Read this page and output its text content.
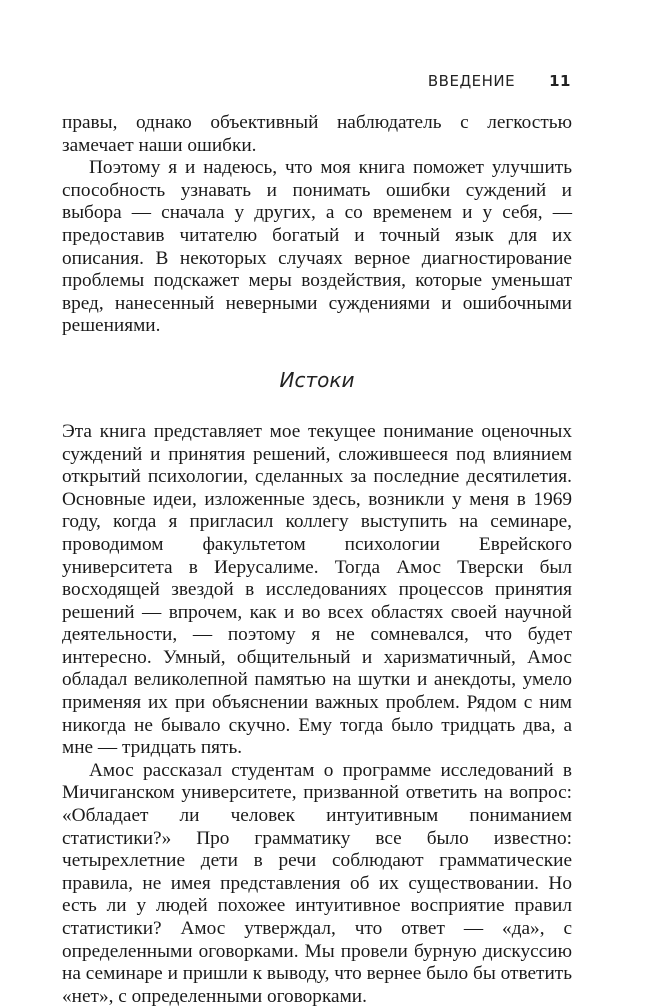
ВВЕДЕНИЕ 11

правы, однако объективный наблюдатель с легкостью замечает наши ошибки.

Поэтому я и надеюсь, что моя книга поможет улучшить способность узнавать и понимать ошибки суждений и выбора — сначала у других, а со временем и у себя, — предоставив читателю богатый и точный язык для их описания. В некоторых случаях верное диагностирование проблемы подскажет меры воздействия, которые уменьшат вред, нанесенный неверными суждениями и ошибочными решениями.

Истоки

Эта книга представляет мое текущее понимание оценочных суждений и принятия решений, сложившееся под влиянием открытий психологии, сделанных за последние десятилетия. Основные идеи, изложенные здесь, возникли у меня в 1969 году, когда я пригласил коллегу выступить на семинаре, проводимом факультетом психологии Еврейского университета в Иерусалиме. Тогда Амос Тверски был восходящей звездой в исследованиях процессов принятия решений — впрочем, как и во всех областях своей научной деятельности, — поэтому я не сомневался, что будет интересно. Умный, общительный и харизматичный, Амос обладал великолепной памятью на шутки и анекдоты, умело применяя их при объяснении важных проблем. Рядом с ним никогда не бывало скучно. Ему тогда было тридцать два, а мне — тридцать пять.

Амос рассказал студентам о программе исследований в Мичиганском университете, призванной ответить на вопрос: «Обладает ли человек интуитивным пониманием статистики?» Про грамматику все было известно: четырехлетние дети в речи соблюдают грамматические правила, не имея представления об их существовании. Но есть ли у людей похожее интуитивное восприятие правил статистики? Амос утверждал, что ответ — «да», с определенными оговорками. Мы провели бурную дискуссию на семинаре и пришли к выводу, что вернее было бы ответить «нет», с определенными оговорками.
